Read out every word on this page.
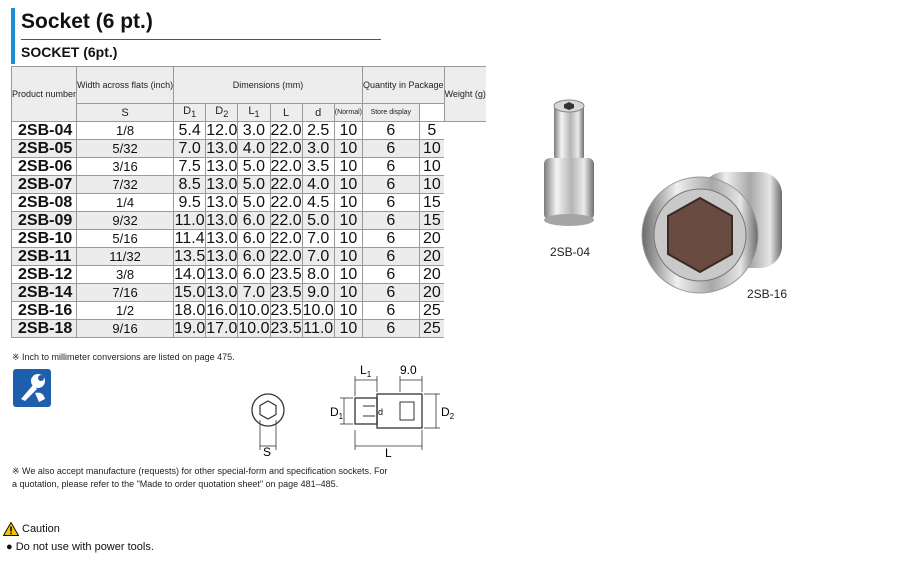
Socket (6 pt.)
SOCKET (6pt.)
Product number	Width across flats (inch)	Dimensions (mm)						Quantity in Package		Weight (g)
	S	$D_1$	$D_2$	$L_1$	L	d	(Normal)	Store display		
2SB-04	1/8	5.4	12.0	3.0	22.0	2.5	10	6	5	
2SB-05	5/32	7.0	13.0	4.0	22.0	3.0	10	6	10	
2SB-06	3/16	7.5	13.0	5.0	22.0	3.5	10	6	10	
2SB-07	7/32	8.5	13.0	5.0	22.0	4.0	10	6	10	
2SB-08	1/4	9.5	13.0	5.0	22.0	4.5	10	6	15	
2SB-09	9/32	11.0	13.0	6.0	22.0	5.0	10	6	15	
2SB-10	5/16	11.4	13.0	6.0	22.0	7.0	10	6	20	
2SB-11	11/32	13.5	13.0	6.0	22.0	7.0	10	6	20	
2SB-12	3/8	14.0	13.0	6.0	23.5	8.0	10	6	20	
2SB-14	7/16	15.0	13.0	7.0	23.5	9.0	10	6	20	
2SB-16	1/2	18.0	16.0	10.0	23.5	10.0	10	6	25	
2SB-18	9/16	19.0	17.0	10.0	23.5	11.0	10	6	25	
※ Inch to millimeter conversions are listed on page 475.
S
$L_1$ 9.0
$D_1$	d	$D_2$
L
※ We also accept manufacture (requests) for other special-form and specification sockets. For a quotation, please refer to the "Made to order quotation sheet" on page 481–485.
2SB-04
2SB-16
Caution
● Do not use with power tools.
